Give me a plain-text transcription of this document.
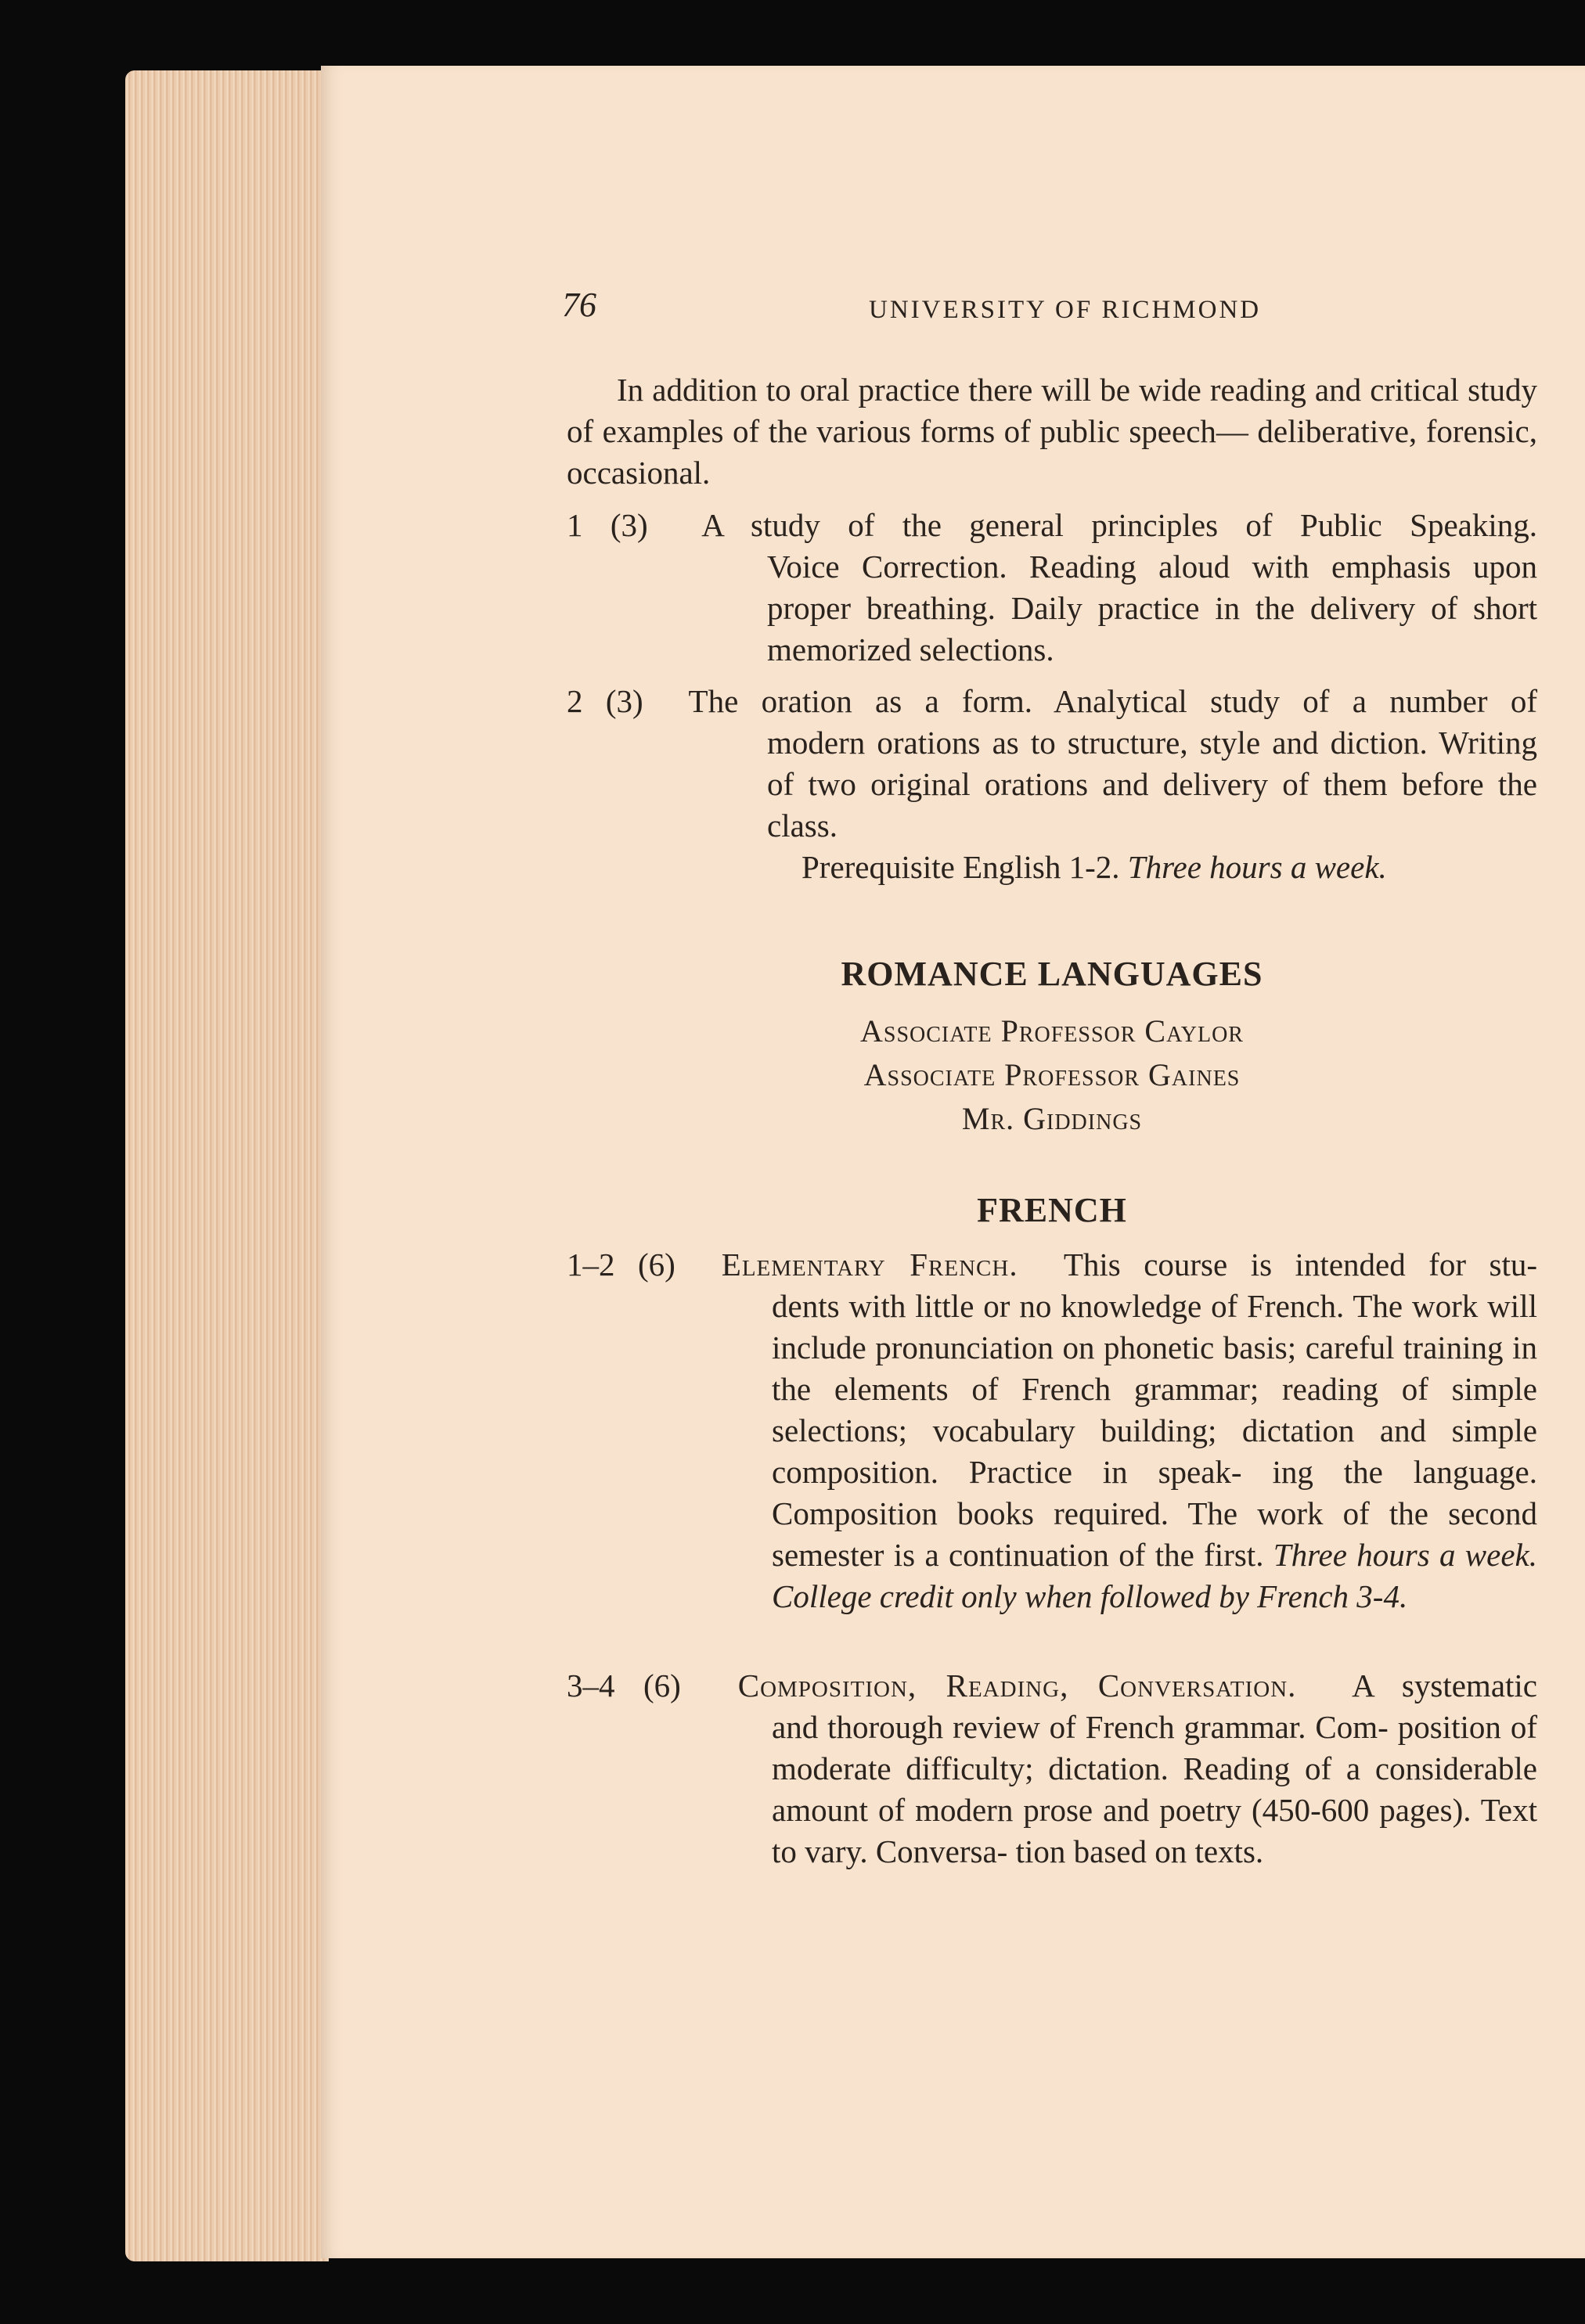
76	UNIVERSITY OF RICHMOND
In addition to oral practice there will be wide reading and critical study of examples of the various forms of public speech— deliberative, forensic, occasional.
1 (3) A study of the general principles of Public Speaking.
Voice Correction. Reading aloud with emphasis upon proper breathing. Daily practice in the delivery of short memorized selections.
2 (3) The oration as a form. Analytical study of a number of
modern orations as to structure, style and diction. Writing of two original orations and delivery of them before the class.
Prerequisite English 1-2. Three hours a week.
ROMANCE LANGUAGES
Associate Professor Caylor
Associate Professor Gaines
Mr. Giddings
FRENCH
1–2 (6) Elementary French. This course is intended for stu-
dents with little or no knowledge of French. The work will include pronunciation on phonetic basis; careful training in the elements of French grammar; reading of simple selections; vocabulary building; dictation and simple composition. Practice in speak- ing the language. Composition books required. The work of the second semester is a continuation of the first. Three hours a week. College credit only when followed by French 3-4.
3–4 (6) Composition, Reading, Conversation. A systematic
and thorough review of French grammar. Com- position of moderate difficulty; dictation. Reading of a considerable amount of modern prose and poetry (450-600 pages). Text to vary. Conversa- tion based on texts.
